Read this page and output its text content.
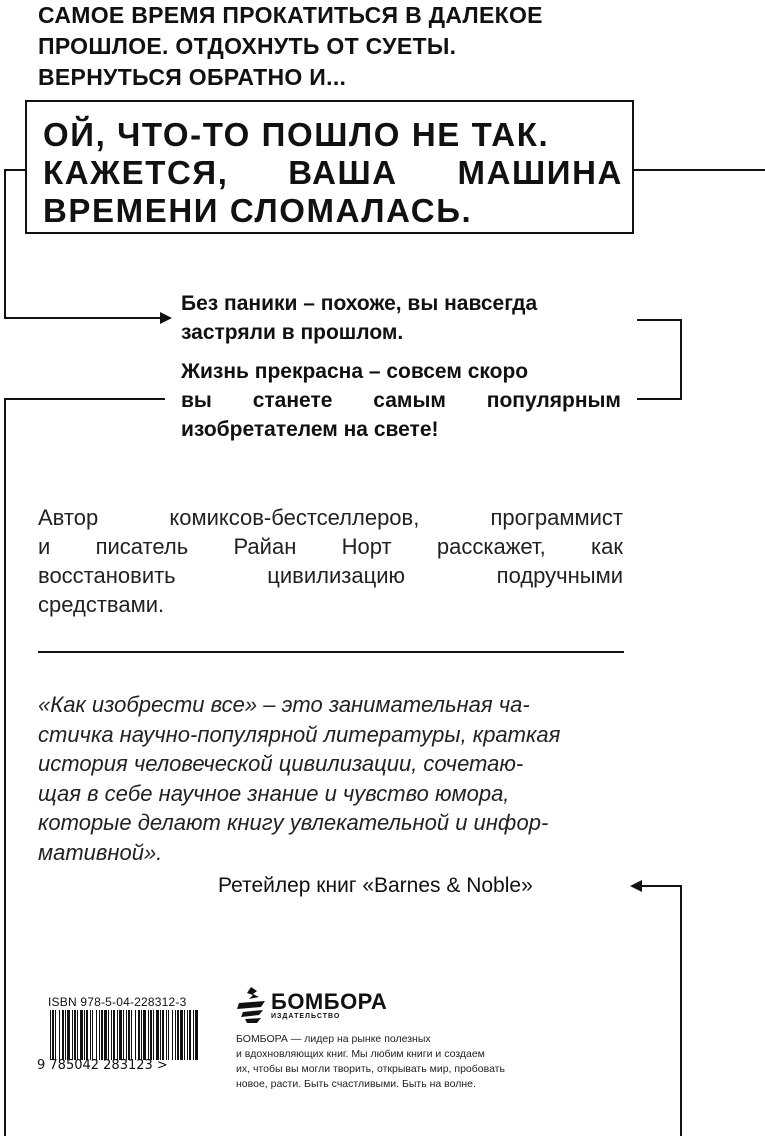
САМОЕ ВРЕМЯ ПРОКАТИТЬСЯ В ДАЛЕКОЕ
ПРОШЛОЕ. ОТДОХНУТЬ ОТ СУЕТЫ.
ВЕРНУТЬСЯ ОБРАТНО И...
ОЙ, ЧТО-ТО ПОШЛО НЕ ТАК.
КАЖЕТСЯ, ВАША МАШИНА
ВРЕМЕНИ СЛОМАЛАСЬ.
Без паники – похоже, вы навсегда
застряли в прошлом.
Жизнь прекрасна – совсем скоро
вы станете самым популярным
изобретателем на свете!
Автор	комиксов-бестселлеров,	программист
и писатель Райан Норт расскажет, как
восстановить	цивилизацию	подручными
средствами.
«Как изобрести все» – это занимательная ча-
стичка научно-популярной литературы, краткая
история человеческой цивилизации, сочетаю-
щая в себе научное знание и чувство юмора,
которые делают книгу увлекательной и инфор-
мативной».
Ретейлер книг «Barnes & Noble»
ISBN 978-5-04-228312-3
9 785042 283123 >
БОМБОРА
ИЗДАТЕЛЬСТВО
БОМБОРА — лидер на рынке полезных
и вдохновляющих книг. Мы любим книги и создаем
их, чтобы вы могли творить, открывать мир, пробовать
новое, расти. Быть счастливыми. Быть на волне.
